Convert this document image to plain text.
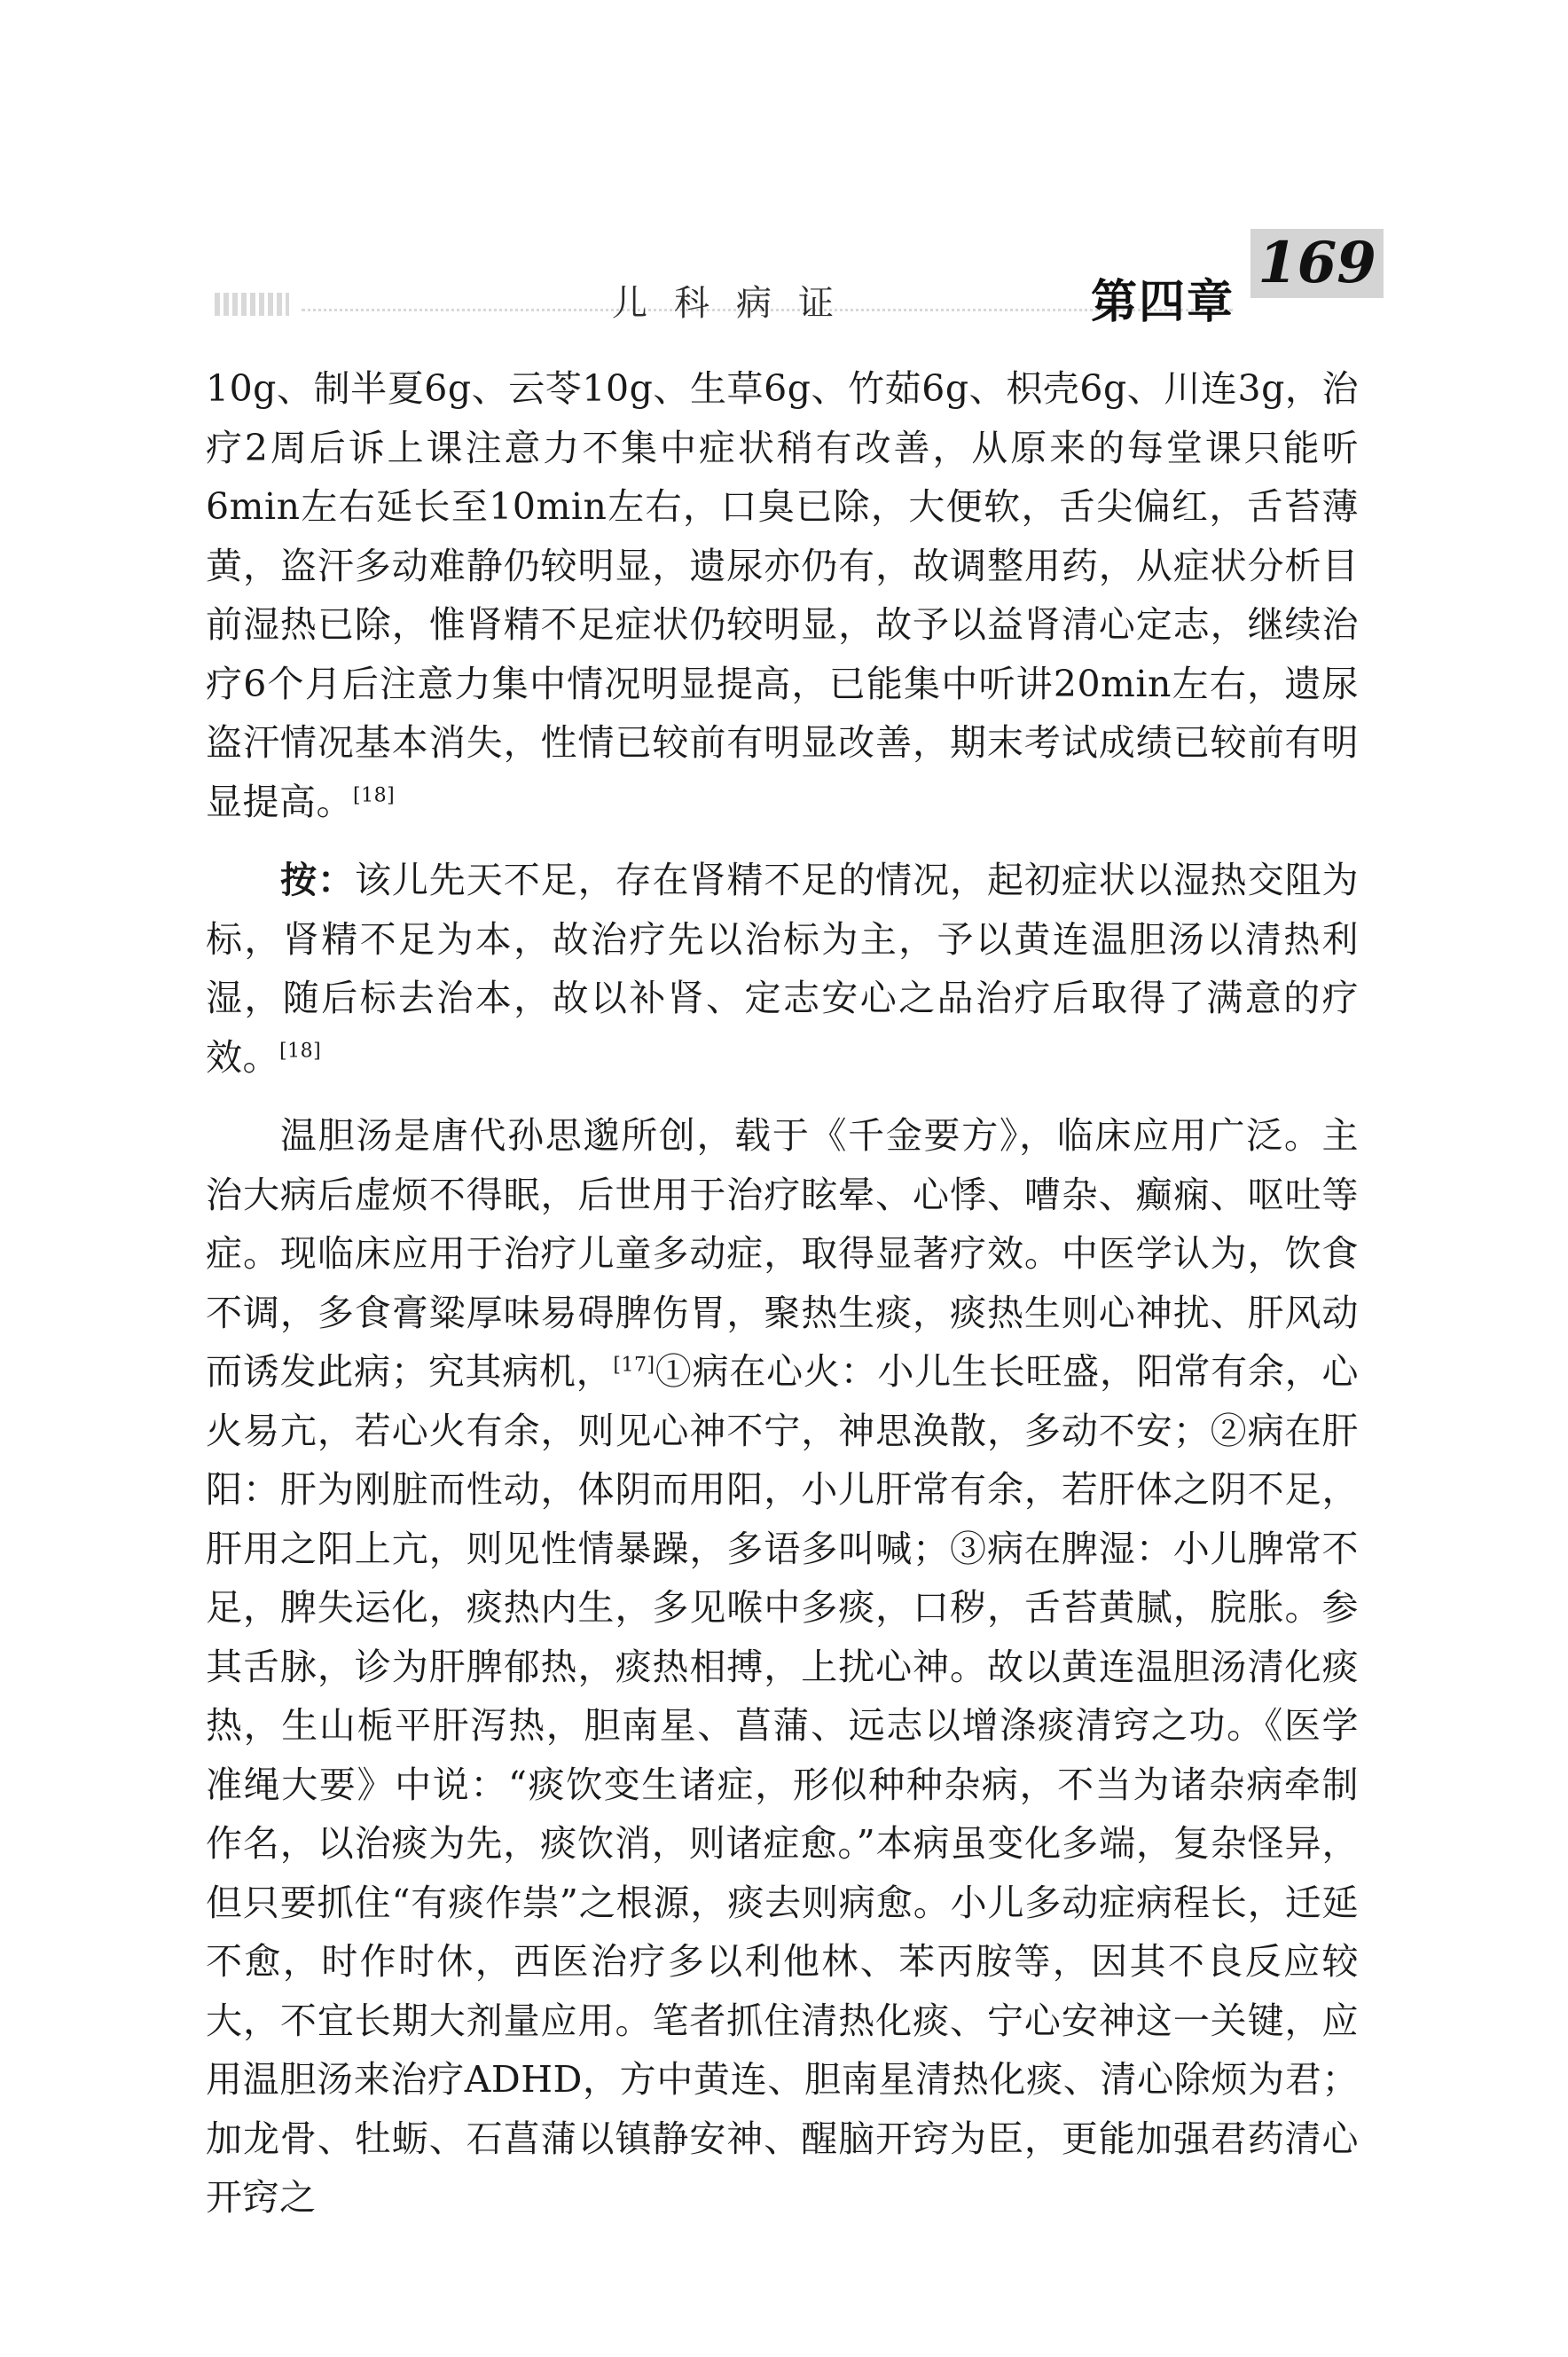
儿科病证	第四章
169

10g、制半夏6g、云苓10g、生草6g、竹茹6g、枳壳6g、川连3g，治疗2周后诉上课注意力不集中症状稍有改善，从原来的每堂课只能听6min左右延长至10min左右，口臭已除，大便软，舌尖偏红，舌苔薄黄，盗汗多动难静仍较明显，遗尿亦仍有，故调整用药，从症状分析目前湿热已除，惟肾精不足症状仍较明显，故予以益肾清心定志，继续治疗6个月后注意力集中情况明显提高，已能集中听讲20min左右，遗尿盗汗情况基本消失，性情已较前有明显改善，期末考试成绩已较前有明显提高。[18]

按：该儿先天不足，存在肾精不足的情况，起初症状以湿热交阻为标，肾精不足为本，故治疗先以治标为主，予以黄连温胆汤以清热利湿，随后标去治本，故以补肾、定志安心之品治疗后取得了满意的疗效。[18]

温胆汤是唐代孙思邈所创，载于《千金要方》，临床应用广泛。主治大病后虚烦不得眠，后世用于治疗眩晕、心悸、嘈杂、癫痫、呕吐等症。现临床应用于治疗儿童多动症，取得显著疗效。中医学认为，饮食不调，多食膏粱厚味易碍脾伤胃，聚热生痰，痰热生则心神扰、肝风动而诱发此病；究其病机，[17]①病在心火：小儿生长旺盛，阳常有余，心火易亢，若心火有余，则见心神不宁，神思涣散，多动不安；②病在肝阳：肝为刚脏而性动，体阴而用阳，小儿肝常有余，若肝体之阴不足，肝用之阳上亢，则见性情暴躁，多语多叫喊；③病在脾湿：小儿脾常不足，脾失运化，痰热内生，多见喉中多痰，口秽，舌苔黄腻，脘胀。参其舌脉，诊为肝脾郁热，痰热相搏，上扰心神。故以黄连温胆汤清化痰热，生山栀平肝泻热，胆南星、菖蒲、远志以增涤痰清窍之功。《医学准绳大要》中说：“痰饮变生诸症，形似种种杂病，不当为诸杂病牵制作名，以治痰为先，痰饮消，则诸症愈。”本病虽变化多端，复杂怪异，但只要抓住“有痰作祟”之根源，痰去则病愈。小儿多动症病程长，迁延不愈，时作时休，西医治疗多以利他林、苯丙胺等，因其不良反应较大，不宜长期大剂量应用。笔者抓住清热化痰、宁心安神这一关键，应用温胆汤来治疗ADHD，方中黄连、胆南星清热化痰、清心除烦为君；加龙骨、牡蛎、石菖蒲以镇静安神、醒脑开窍为臣，更能加强君药清心开窍之
